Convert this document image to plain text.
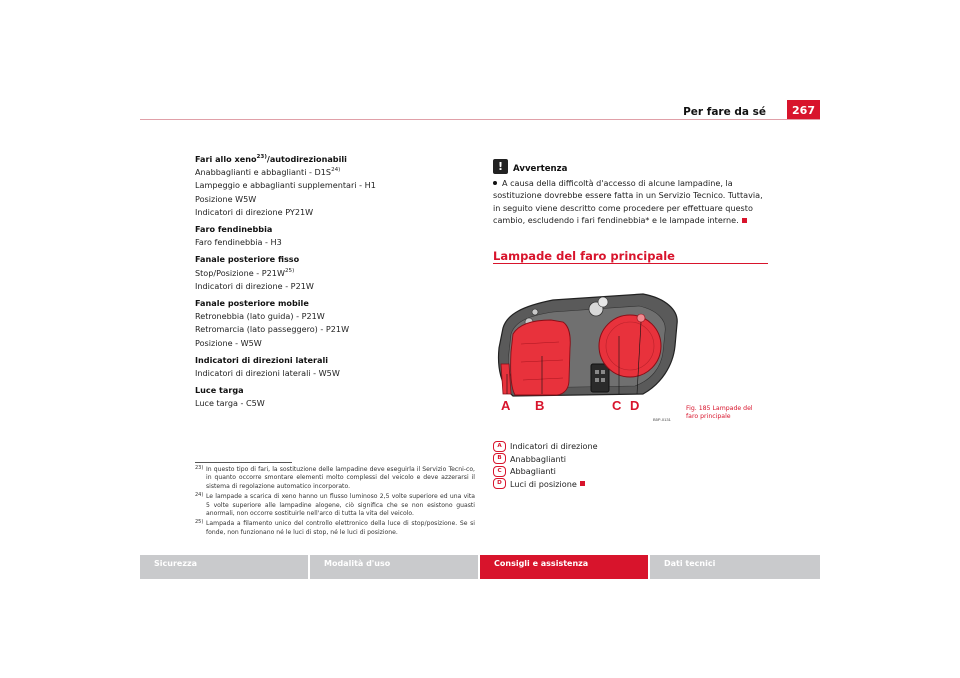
Per fare da sé	267
Fari allo xeno$^{23)}$/autodirezionabili
Anabbaglianti e abbaglianti - $D1S^{24)}$
Lampeggio e abbaglianti supplementari - H1
Posizione W5W
Indicatori di direzione PY21W
Faro fendinebbia
Faro fendinebbia - H3
Fanale posteriore fisso
Stop/Posizione - $P21W^{25)}$
Indicatori di direzione - P21W
Fanale posteriore mobile
Retronebbia (lato guida) - P21W
Retromarcia (lato passeggero) - P21W
Posizione - W5W
Indicatori di direzioni laterali
Indicatori di direzioni laterali - W5W
Luce targa
Luce targa - C5W
23) In questo tipo di fari, la sostituzione delle lampadine deve eseguirla il Servizio Tecni-co, in quanto occorre smontare elementi molto complessi del veicolo e deve azzerarsi il sistema di regolazione automatico incorporato.
24) Le lampade a scarica di xeno hanno un flusso luminoso 2,5 volte superiore ed una vita 5 volte superiore alle lampadine alogene, ciò significa che se non esistono guasti anormali, non occorre sostituirle nell'arco di tutta la vita del veicolo.
25) Lampada a filamento unico del controllo elettronico della luce di stop/posizione. Se si fonde, non funzionano né le luci di stop, né le luci di posizione.
!	Avvertenza
A causa della difficoltà d'accesso di alcune lampadine, la sostituzione dovrebbe essere fatta in un Servizio Tecnico. Tuttavia, in seguito viene descritto come procedere per effettuare questo cambio, escludendo i fari fendinebbia* e le lampade interne.
Lampade del faro principale
A B	C D
B5P-0131
Fig. 185 Lampade del faro principale
A	Indicatori di direzione
B	Anabbaglianti
C	Abbaglianti
D	Luci di posizione
Sicurezza	Modalità d'uso	Consigli e assistenza	Dati tecnici
